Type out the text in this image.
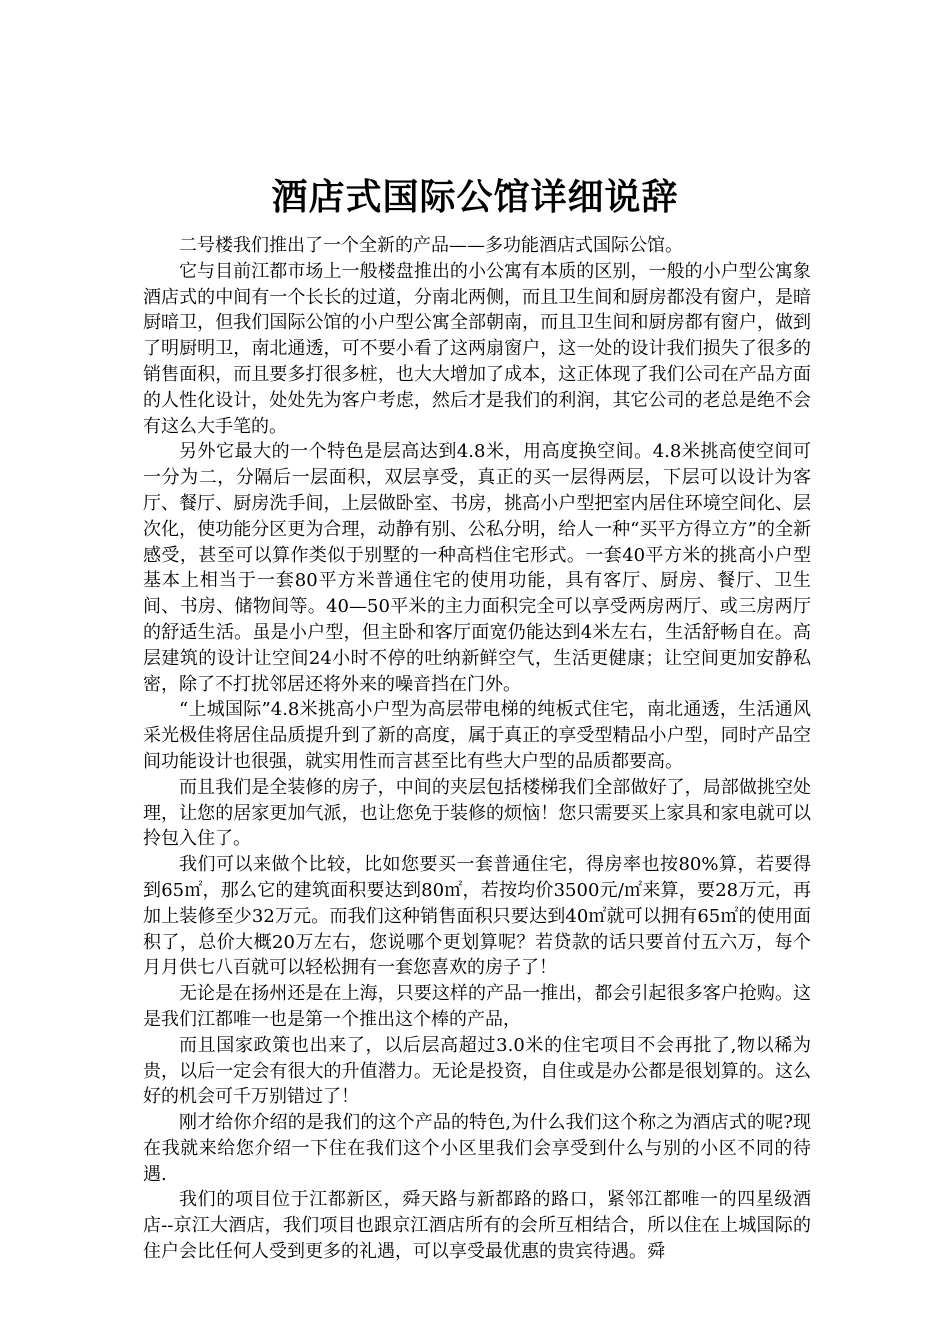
酒店式国际公馆详细说辞

二号楼我们推出了一个全新的产品——多功能酒店式国际公馆。

它与目前江都市场上一般楼盘推出的小公寓有本质的区别，一般的小户型公寓象酒店式的中间有一个长长的过道，分南北两侧，而且卫生间和厨房都没有窗户，是暗厨暗卫，但我们国际公馆的小户型公寓全部朝南，而且卫生间和厨房都有窗户，做到了明厨明卫，南北通透，可不要小看了这两扇窗户，这一处的设计我们损失了很多的销售面积，而且要多打很多桩，也大大增加了成本，这正体现了我们公司在产品方面的人性化设计，处处先为客户考虑，然后才是我们的利润，其它公司的老总是绝不会有这么大手笔的。

另外它最大的一个特色是层高达到4.8米，用高度换空间。4.8米挑高使空间可一分为二，分隔后一层面积，双层享受，真正的买一层得两层，下层可以设计为客厅、餐厅、厨房洗手间，上层做卧室、书房，挑高小户型把室内居住环境空间化、层次化，使功能分区更为合理，动静有别、公私分明，给人一种“买平方得立方”的全新感受，甚至可以算作类似于别墅的一种高档住宅形式。一套40平方米的挑高小户型基本上相当于一套80平方米普通住宅的使用功能，具有客厅、厨房、餐厅、卫生间、书房、储物间等。40—50平米的主力面积完全可以享受两房两厅、或三房两厅的舒适生活。虽是小户型，但主卧和客厅面宽仍能达到4米左右，生活舒畅自在。高层建筑的设计让空间24小时不停的吐纳新鲜空气，生活更健康；让空间更加安静私密，除了不打扰邻居还将外来的噪音挡在门外。

“上城国际”4.8米挑高小户型为高层带电梯的纯板式住宅，南北通透，生活通风采光极佳将居住品质提升到了新的高度，属于真正的享受型精品小户型，同时产品空间功能设计也很强，就实用性而言甚至比有些大户型的品质都要高。

而且我们是全装修的房子，中间的夹层包括楼梯我们全部做好了，局部做挑空处理，让您的居家更加气派，也让您免于装修的烦恼！您只需要买上家具和家电就可以拎包入住了。

我们可以来做个比较，比如您要买一套普通住宅，得房率也按80%算，若要得到65㎡，那么它的建筑面积要达到80㎡，若按均价3500元/㎡来算，要28万元，再加上装修至少32万元。而我们这种销售面积只要达到40㎡就可以拥有65㎡的使用面积了，总价大概20万左右，您说哪个更划算呢？若贷款的话只要首付五六万，每个月月供七八百就可以轻松拥有一套您喜欢的房子了！

无论是在扬州还是在上海，只要这样的产品一推出，都会引起很多客户抢购。这是我们江都唯一也是第一个推出这个棒的产品，

而且国家政策也出来了，以后层高超过3.0米的住宅项目不会再批了,物以稀为贵，以后一定会有很大的升值潜力。无论是投资，自住或是办公都是很划算的。这么好的机会可千万别错过了！

刚才给你介绍的是我们的这个产品的特色,为什么我们这个称之为酒店式的呢?现在我就来给您介绍一下住在我们这个小区里我们会享受到什么与别的小区不同的待遇.

我们的项目位于江都新区，舜天路与新都路的路口，紧邻江都唯一的四星级酒店--京江大酒店，我们项目也跟京江酒店所有的会所互相结合，所以住在上城国际的住户会比任何人受到更多的礼遇，可以享受最优惠的贵宾待遇。舜
